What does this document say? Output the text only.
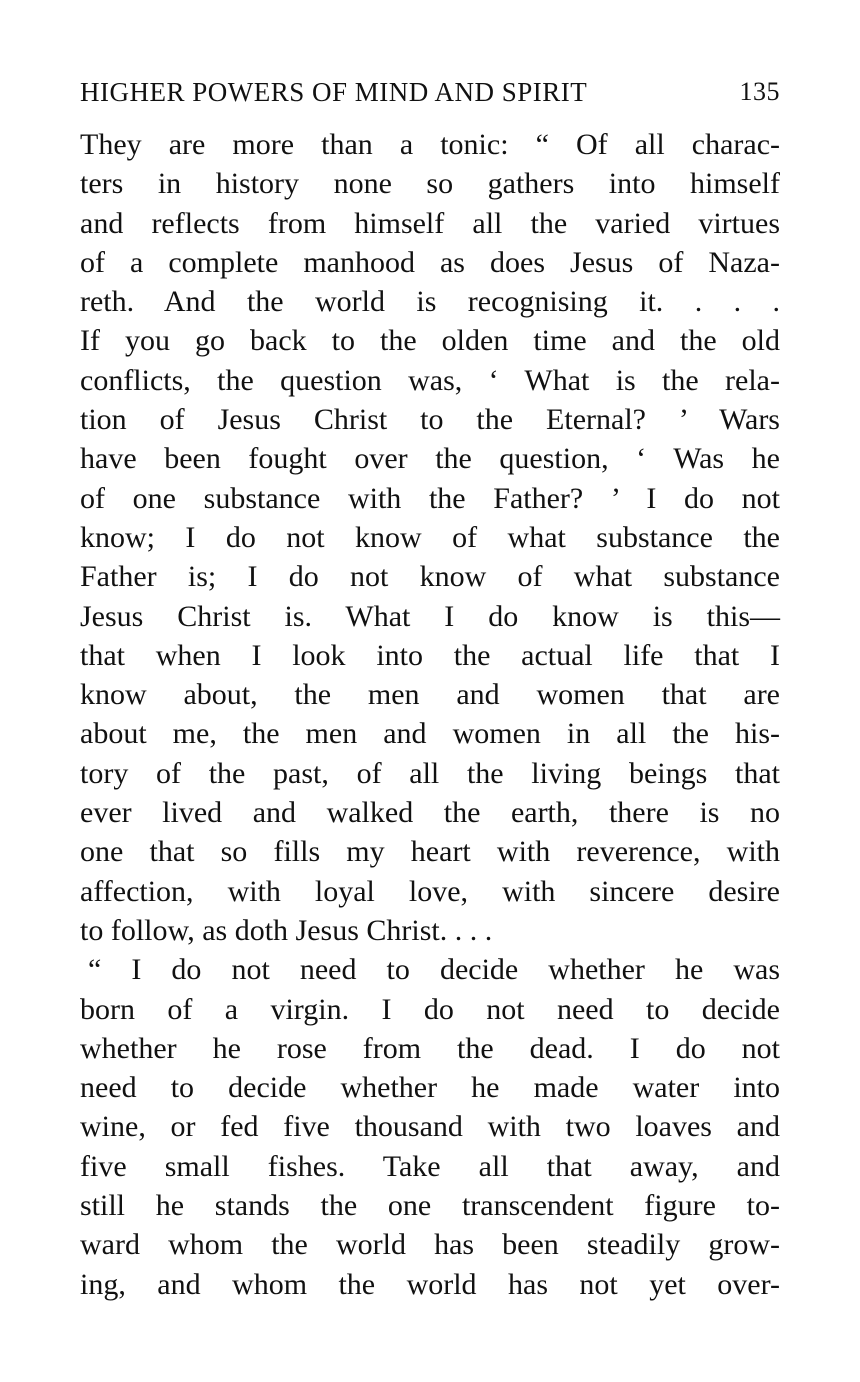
HIGHER POWERS OF MIND AND SPIRIT	135
They are more than a tonic: “ Of all charac-
ters in history none so gathers into himself
and reflects from himself all the varied virtues
of a complete manhood as does Jesus of Naza-
reth. And the world is recognising it. . . .
If you go back to the olden time and the old
conflicts, the question was, ‘ What is the rela-
tion of Jesus Christ to the Eternal? ’ Wars
have been fought over the question, ‘ Was he
of one substance with the Father? ’ I do not
know; I do not know of what substance the
Father is; I do not know of what substance
Jesus Christ is. What I do know is this—
that when I look into the actual life that I
know about, the men and women that are
about me, the men and women in all the his-
tory of the past, of all the living beings that
ever lived and walked the earth, there is no
one that so fills my heart with reverence, with
affection, with loyal love, with sincere desire
to follow, as doth Jesus Christ. . . .
“ I do not need to decide whether he was
born of a virgin. I do not need to decide
whether he rose from the dead. I do not
need to decide whether he made water into
wine, or fed five thousand with two loaves and
five small fishes. Take all that away, and
still he stands the one transcendent figure to-
ward whom the world has been steadily grow-
ing, and whom the world has not yet over-
